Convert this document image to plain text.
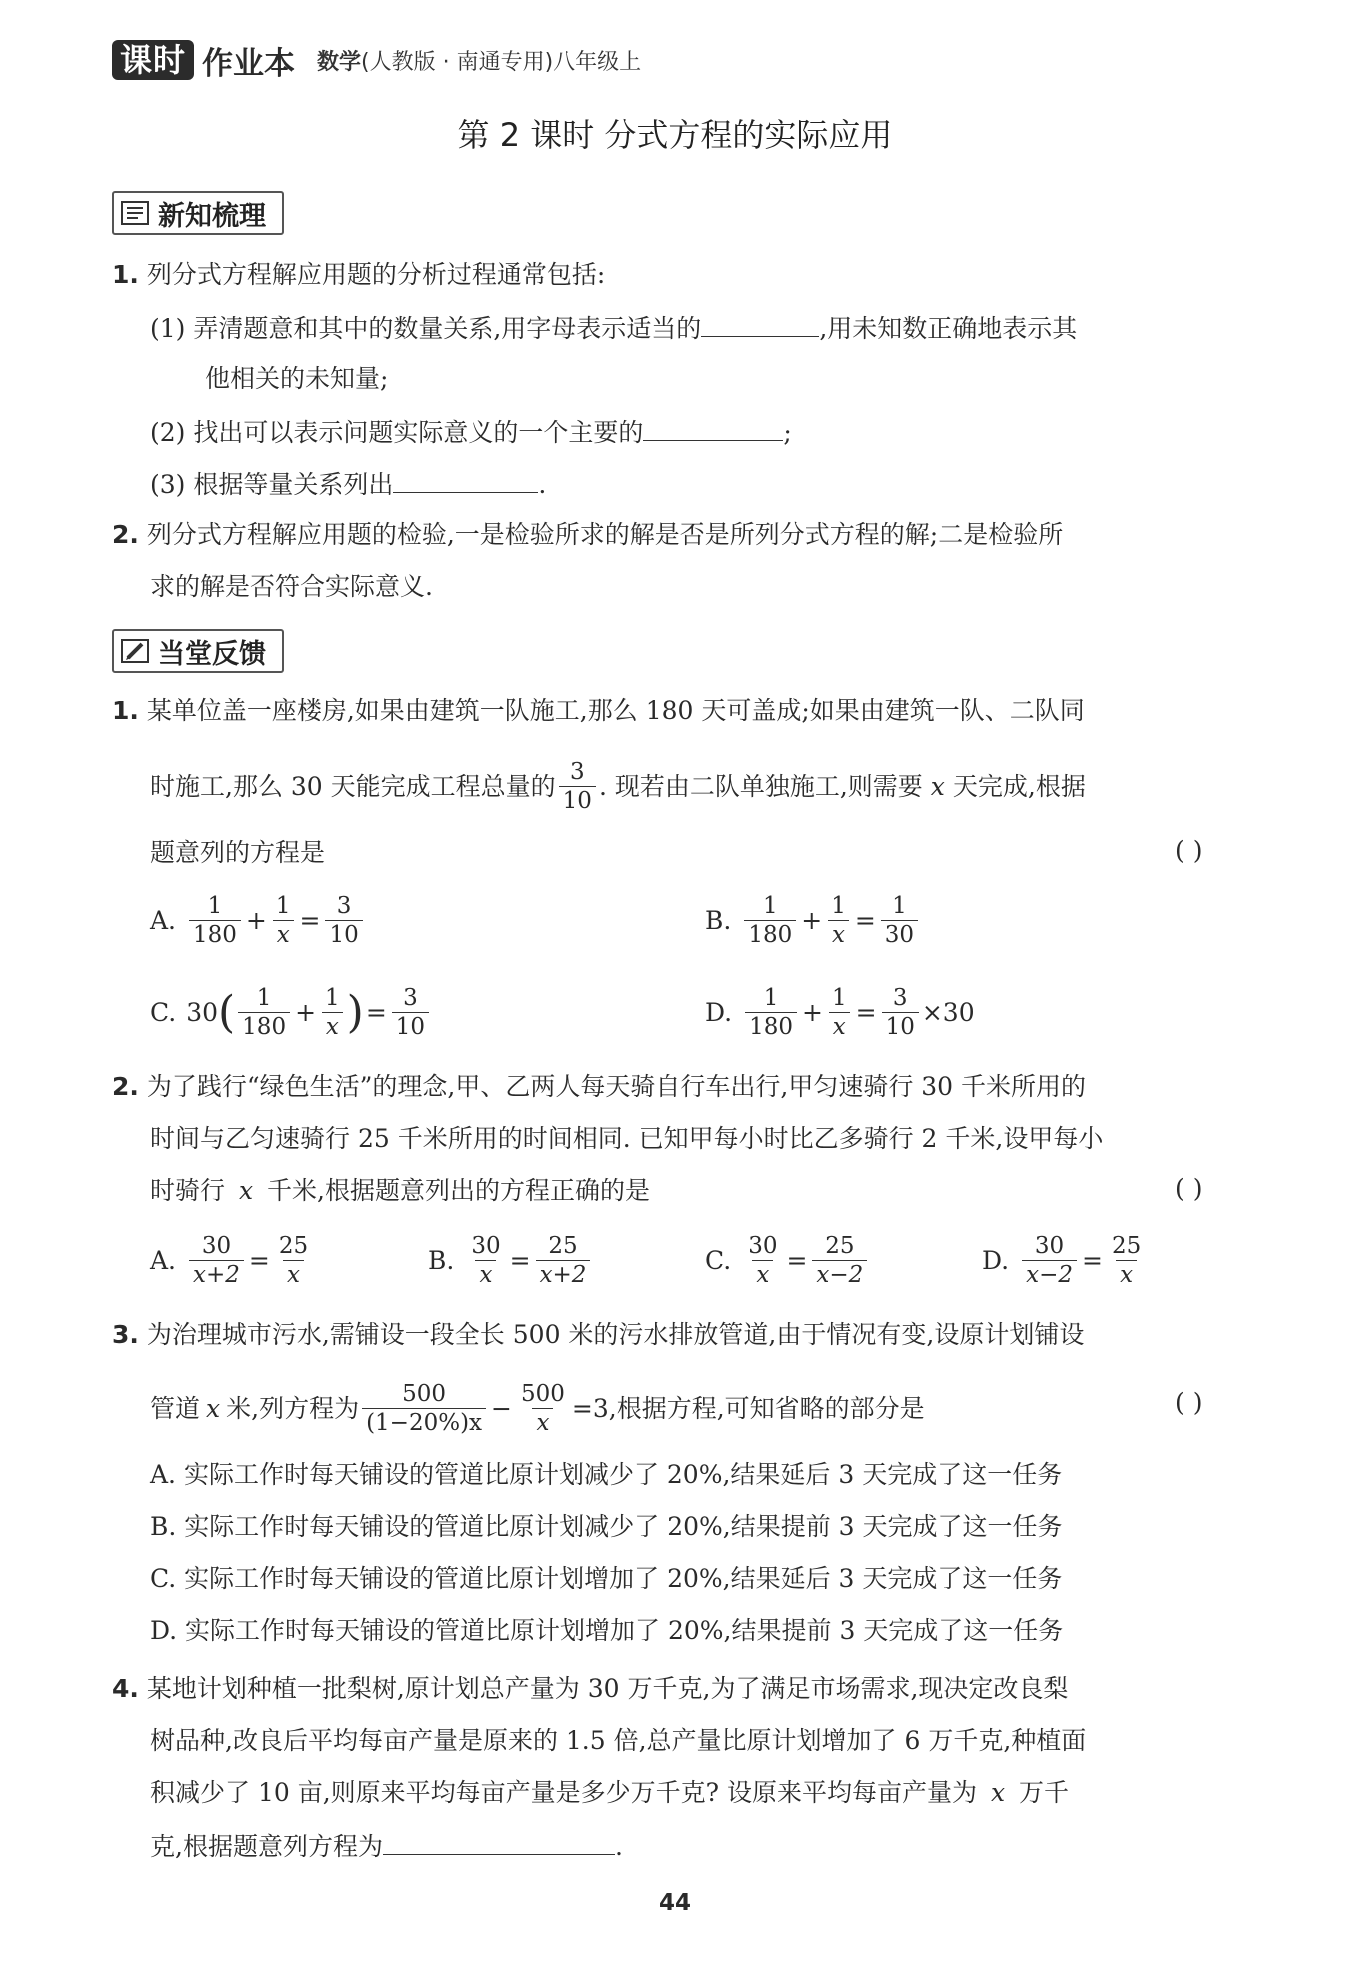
课时 作业本 数学(人教版 · 南通专用)八年级上
第 2 课时 分式方程的实际应用
新知梳理
1. 列分式方程解应用题的分析过程通常包括:
(1) 弄清题意和其中的数量关系,用字母表示适当的	,用未知数正确地表示其
他相关的未知量;
(2) 找出可以表示问题实际意义的一个主要的	;
(3) 根据等量关系列出	.
2. 列分式方程解应用题的检验,一是检验所求的解是否是所列分式方程的解;二是检验所
求的解是否符合实际意义.
当堂反馈
1. 某单位盖一座楼房,如果由建筑一队施工,那么 180 天可盖成;如果由建筑一队、二队同
时施工,那么 30 天能完成工程总量的 $\frac{3}{10}$ . 现若由二队单独施工,则需要 x 天完成,根据
题意列的方程是	( )
A. $\frac{1}{180} + \frac{1}{x} = \frac{3}{10}$	B. $\frac{1}{180} + \frac{1}{x} = \frac{1}{30}$
C. 30 ( $\frac{1}{180} + \frac{1}{x}$ ) = $\frac{3}{10}$	D. $\frac{1}{180} + \frac{1}{x} = \frac{3}{10} \times 30$
2. 为了践行“绿色生活”的理念,甲、乙两人每天骑自行车出行,甲匀速骑行 30 千米所用的
时间与乙匀速骑行 25 千米所用的时间相同. 已知甲每小时比乙多骑行 2 千米,设甲每小
时骑行 x 千米,根据题意列出的方程正确的是	( )
A. $\frac{30}{x+2} = \frac{25}{x}$	B. $\frac{30}{x} = \frac{25}{x+2}$	C. $\frac{30}{x} = \frac{25}{x-2}$	D. $\frac{30}{x-2} = \frac{25}{x}$
3. 为治理城市污水,需铺设一段全长 500 米的污水排放管道,由于情况有变,设原计划铺设
管道 x 米,列方程为 $\frac{500}{(1-20\%)x} - \frac{500}{x} =3$,根据方程,可知省略的部分是	( )
A. 实际工作时每天铺设的管道比原计划减少了 20%,结果延后 3 天完成了这一任务
B. 实际工作时每天铺设的管道比原计划减少了 20%,结果提前 3 天完成了这一任务
C. 实际工作时每天铺设的管道比原计划增加了 20%,结果延后 3 天完成了这一任务
D. 实际工作时每天铺设的管道比原计划增加了 20%,结果提前 3 天完成了这一任务
4. 某地计划种植一批梨树,原计划总产量为 30 万千克,为了满足市场需求,现决定改良梨
树品种,改良后平均每亩产量是原来的 1.5 倍,总产量比原计划增加了 6 万千克,种植面
积减少了 10 亩,则原来平均每亩产量是多少万千克? 设原来平均每亩产量为 x 万千
克,根据题意列方程为	.
44
